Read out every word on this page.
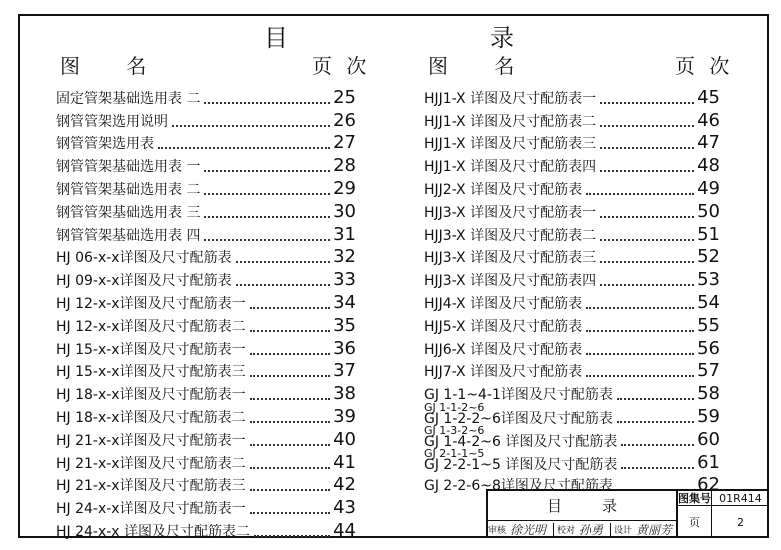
目	录
图 名	页 次	图 名	页 次
固定管架基础选用表 二	25
钢管管架选用说明	26
钢管管架选用表	27
钢管管架基础选用表 一	28
钢管管架基础选用表 二	29
钢管管架基础选用表 三	30
钢管管架基础选用表 四	31
HJ 06-x-x详图及尺寸配筋表	32
HJ 09-x-x详图及尺寸配筋表	33
HJ 12-x-x详图及尺寸配筋表一	34
HJ 12-x-x详图及尺寸配筋表二	35
HJ 15-x-x详图及尺寸配筋表一	36
HJ 15-x-x详图及尺寸配筋表三	37
HJ 18-x-x详图及尺寸配筋表一	38
HJ 18-x-x详图及尺寸配筋表二	39
HJ 21-x-x详图及尺寸配筋表一	40
HJ 21-x-x详图及尺寸配筋表二	41
HJ 21-x-x详图及尺寸配筋表三	42
HJ 24-x-x详图及尺寸配筋表一	43
HJ 24-x-x 详图及尺寸配筋表二	44
HJJ1-X 详图及尺寸配筋表一	45
HJJ1-X 详图及尺寸配筋表二	46
HJJ1-X 详图及尺寸配筋表三	47
HJJ1-X 详图及尺寸配筋表四	48
HJJ2-X 详图及尺寸配筋表	49
HJJ3-X 详图及尺寸配筋表一	50
HJJ3-X 详图及尺寸配筋表二	51
HJJ3-X 详图及尺寸配筋表三	52
HJJ3-X 详图及尺寸配筋表四	53
HJJ4-X 详图及尺寸配筋表	54
HJJ5-X 详图及尺寸配筋表	55
HJJ6-X 详图及尺寸配筋表	56
HJJ7-X 详图及尺寸配筋表	57
GJ 1-1~4-1详图及尺寸配筋表	58
GJ 1-1-2~6
GJ 1-2-2~6详图及尺寸配筋表	59
GJ 1-3-2~6
GJ 1-4-2~6 详图及尺寸配筋表	60
GJ 2-1-1~5
GJ 2-2-1~5 详图及尺寸配筋表	61
GJ 2-2-6~8详图及尺寸配筋表	62
目录	图集号 01R414
页	2
审核 徐光明 校对 孙勇 设计 黄丽芳
